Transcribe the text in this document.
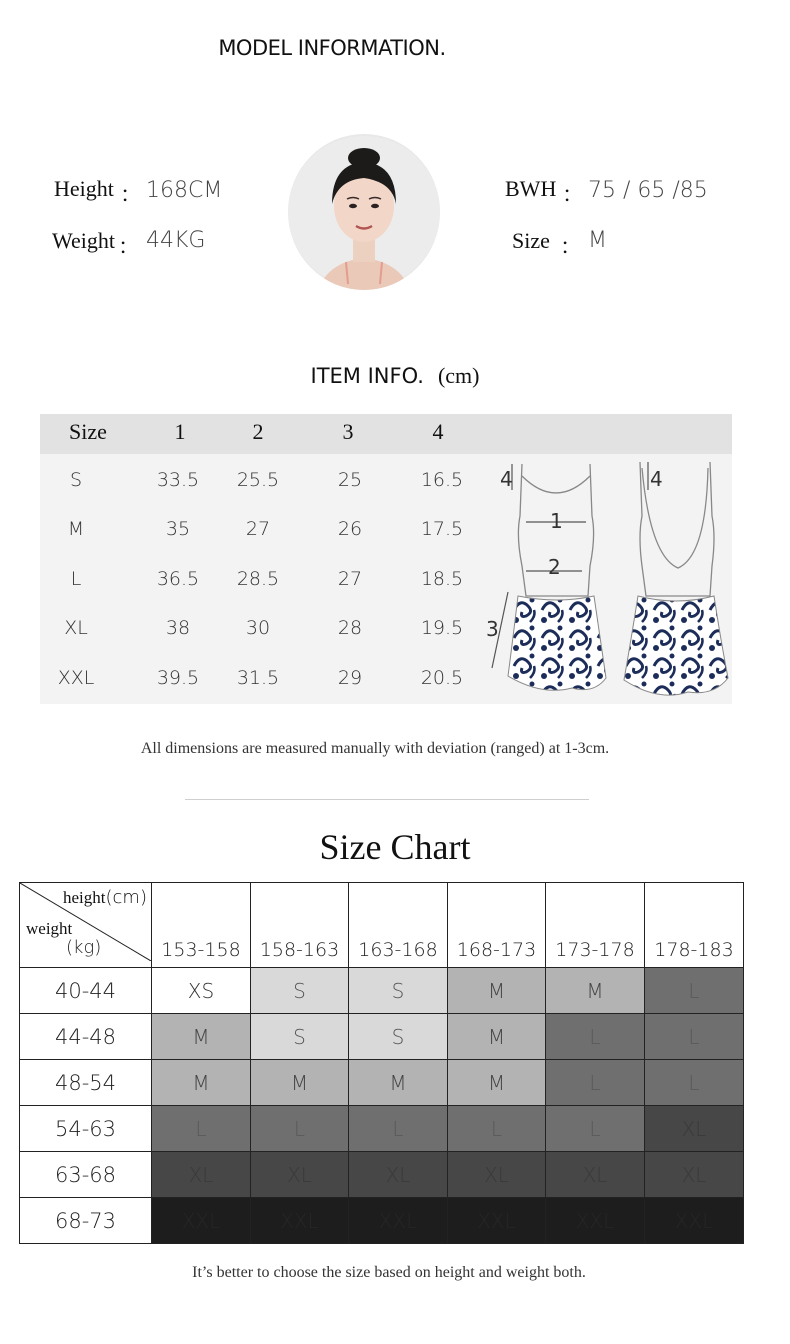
MODEL INFORMATION.
Height ： 168CM
Weight ： 44KG
BWH ： 75 / 65 /85
Size ： M
ITEM INFO. (cm)
Size	1	2	3	4
S	33.5	25.5	25	16.5
M	35	27	26	17.5
L	36.5	28.5	27	18.5
XL	38	30	28	19.5
XXL	39.5	31.5	29	20.5
1
2
3
4	4
All dimensions are measured manually with deviation (ranged) at 1-3cm.
Size Chart
height(cm)
weight
(kg)	153-158	158-163	163-168	168-173	173-178	178-183
40-44	XS	S	S	M	M	L
44-48	M	S	S	M	L	L
48-54	M	M	M	M	L	L
54-63	L	L	L	L	L	XL
63-68	XL	XL	XL	XL	XL	XL
68-73	XXL	XXL	XXL	XXL	XXL	XXL
It’s better to choose the size based on height and weight both.
